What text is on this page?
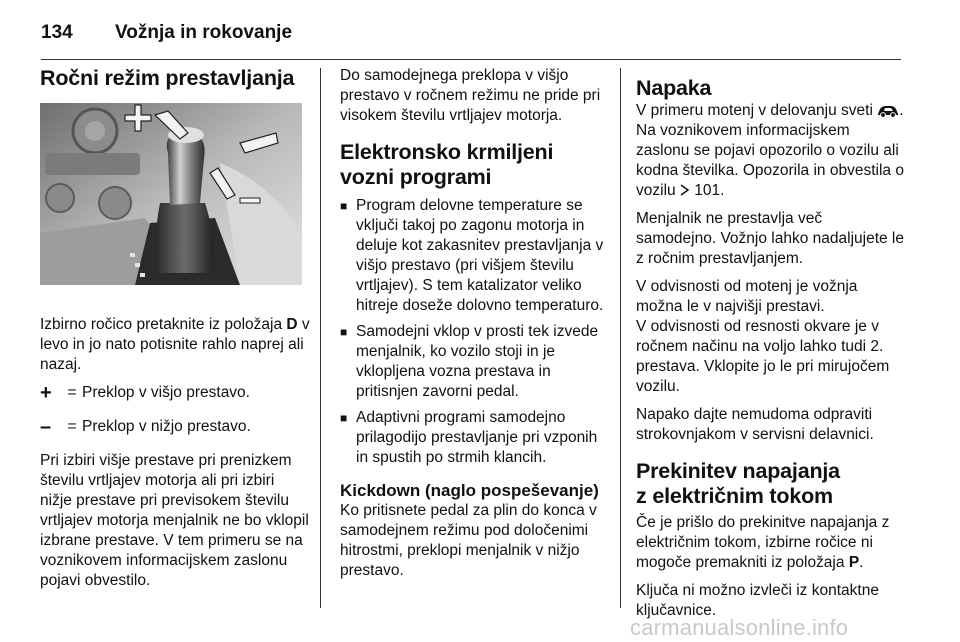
134 Vožnja in rokovanje
Ročni režim prestavljanja

Izbirno ročico pretaknite iz položaja D v levo in jo nato potisnite rahlo naprej ali nazaj.

+	= Preklop v višjo prestavo.
–	= Preklop v nižjo prestavo.

Pri izbiri višje prestave pri prenizkem številu vrtljajev motorja ali pri izbiri nižje prestave pri previsokem številu vrtljajev motorja menjalnik ne bo vklopil izbrane prestave. V tem primeru se na voznikovem informacijskem zaslonu pojavi obvestilo.

Do samodejnega preklopa v višjo prestavo v ročnem režimu ne pride pri visokem številu vrtljajev motorja.

Elektronsko krmiljeni vozni programi
■ Program delovne temperature se vključi takoj po zagonu motorja in deluje kot zakasnitev prestavljanja v višjo prestavo (pri višjem številu vrtljajev). S tem katalizator veliko hitreje doseže dolovno temperaturo.
■ Samodejni vklop v prosti tek izvede menjalnik, ko vozilo stoji in je vklopljena vozna prestava in pritisnjen zavorni pedal.
■ Adaptivni programi samodejno prilagodijo prestavljanje pri vzponih in spustih po strmih klancih.
Kickdown (naglo pospeševanje)

Ko pritisnete pedal za plin do konca v samodejnem režimu pod določenimi hitrostmi, preklopi menjalnik v nižjo prestavo.

Napaka

V primeru motenj v delovanju sveti . Na voznikovem informacijskem zaslonu se pojavi opozorilo o vozilu ali kodna številka. Opozorila in obvestila o vozilu 101.

Menjalnik ne prestavlja več samodejno. Vožnjo lahko nadaljujete le z ročnim prestavljanjem.

V odvisnosti od motenj je vožnja možna le v najvišji prestavi.
V odvisnosti od resnosti okvare je v ročnem načinu na voljo lahko tudi 2. prestava. Vklopite jo le pri mirujočem vozilu.

Napako dajte nemudoma odpraviti strokovnjakom v servisni delavnici.

Prekinitev napajanja
z električnim tokom

Če je prišlo do prekinitve napajanja z električnim tokom, izbirne ročice ni mogoče premakniti iz položaja P.

Ključa ni možno izvleči iz kontaktne ključavnice.

carmanualsonline.info
